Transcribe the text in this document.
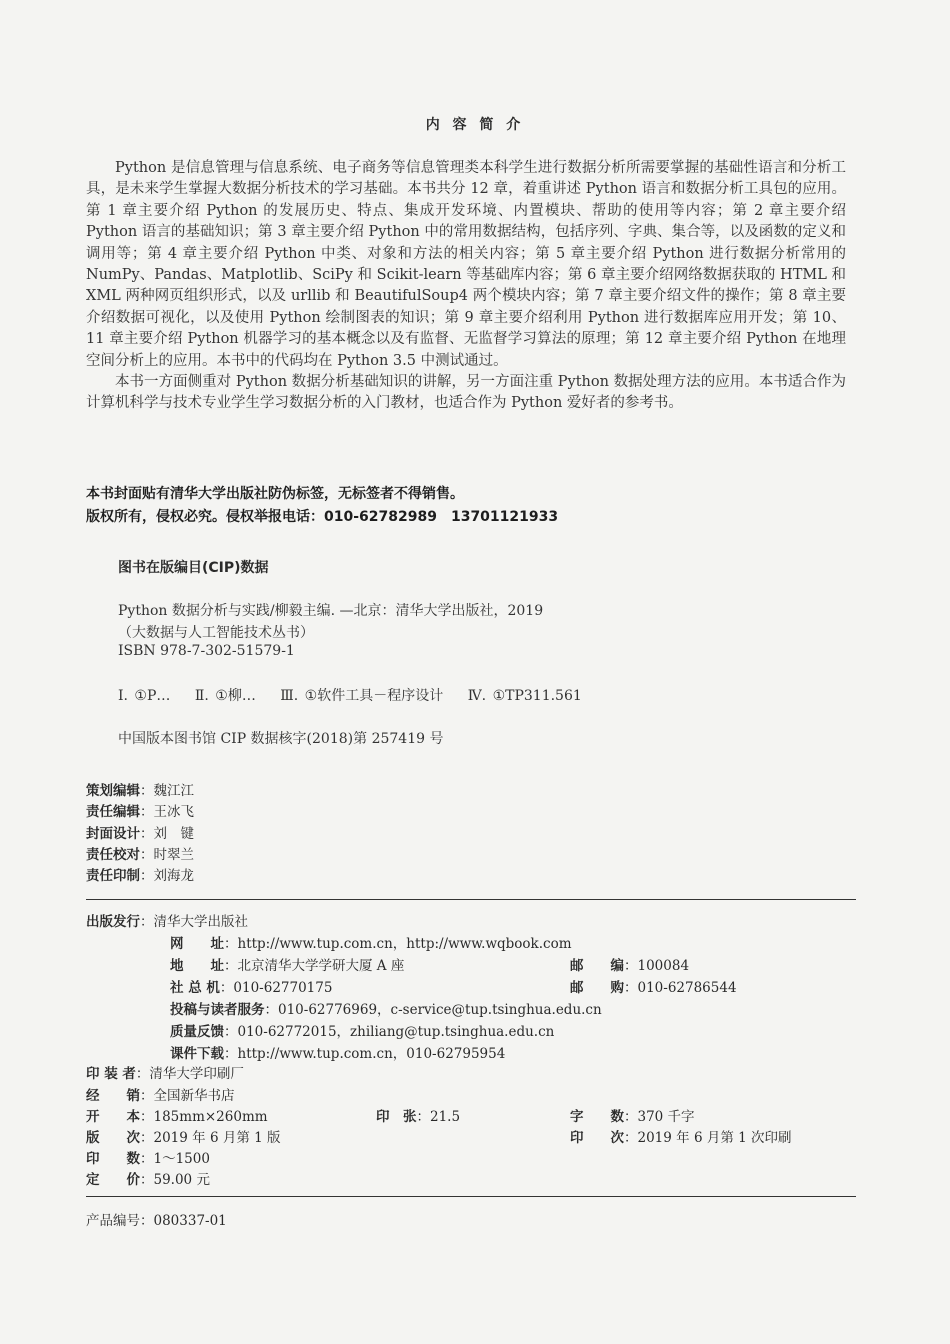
内 容 简 介

Python 是信息管理与信息系统、电子商务等信息管理类本科学生进行数据分析所需要掌握的基础性语言和分析工具，是未来学生掌握大数据分析技术的学习基础。本书共分 12 章，着重讲述 Python 语言和数据分析工具包的应用。第 1 章主要介绍 Python 的发展历史、特点、集成开发环境、内置模块、帮助的使用等内容；第 2 章主要介绍 Python 语言的基础知识；第 3 章主要介绍 Python 中的常用数据结构，包括序列、字典、集合等，以及函数的定义和调用等；第 4 章主要介绍 Python 中类、对象和方法的相关内容；第 5 章主要介绍 Python 进行数据分析常用的 NumPy、Pandas、Matplotlib、SciPy 和 Scikit-learn 等基础库内容；第 6 章主要介绍网络数据获取的 HTML 和 XML 两种网页组织形式，以及 urllib 和 BeautifulSoup4 两个模块内容；第 7 章主要介绍文件的操作；第 8 章主要介绍数据可视化，以及使用 Python 绘制图表的知识；第 9 章主要介绍利用 Python 进行数据库应用开发；第 10、11 章主要介绍 Python 机器学习的基本概念以及有监督、无监督学习算法的原理；第 12 章主要介绍 Python 在地理空间分析上的应用。本书中的代码均在 Python 3.5 中测试通过。

本书一方面侧重对 Python 数据分析基础知识的讲解，另一方面注重 Python 数据处理方法的应用。本书适合作为计算机科学与技术专业学生学习数据分析的入门教材，也适合作为 Python 爱好者的参考书。

本书封面贴有清华大学出版社防伪标签，无标签者不得销售。
版权所有，侵权必究。侵权举报电话：010-62782989　13701121933
图书在版编目(CIP)数据
Python 数据分析与实践/柳毅主编. —北京：清华大学出版社，2019
（大数据与人工智能技术丛书）
ISBN 978-7-302-51579-1
Ⅰ. ①P… Ⅱ. ①柳… Ⅲ. ①软件工具－程序设计 Ⅳ. ①TP311.561
中国版本图书馆 CIP 数据核字(2018)第 257419 号
策划编辑：魏江江
责任编辑：王冰飞
封面设计：刘　键
责任校对：时翠兰
责任印制：刘海龙
出版发行：清华大学出版社
网　　址：http://www.tup.com.cn，http://www.wqbook.com
地　　址：北京清华大学学研大厦 A 座	邮　　编：100084
社 总 机：010-62770175	邮　　购：010-62786544
投稿与读者服务：010-62776969，c-service@tup.tsinghua.edu.cn
质量反馈：010-62772015，zhiliang@tup.tsinghua.edu.cn
课件下载：http://www.tup.com.cn，010-62795954
印 装 者：清华大学印刷厂
经　　销：全国新华书店
开　　本：185mm×260mm	印　张：21.5	字　　数：370 千字
版　　次：2019 年 6 月第 1 版	印　　次：2019 年 6 月第 1 次印刷
印　　数：1～1500
定　　价：59.00 元
产品编号：080337-01
